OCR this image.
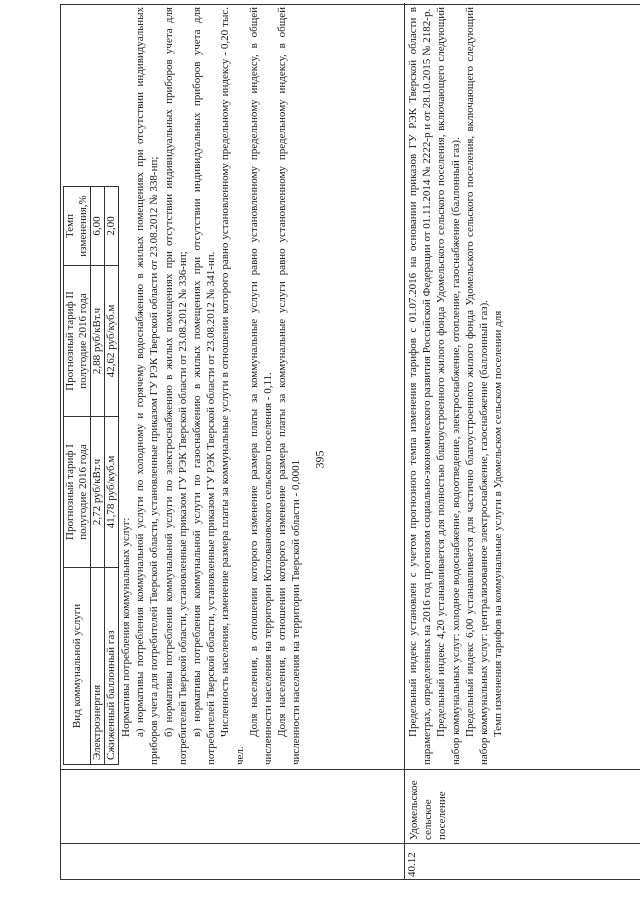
395
Вид коммунальной услуги	Прогнозный тариф I полугодие 2016 года	Прогнозный тариф II полугодие 2016 года	Темп изменения,%
Электроэнергия	2,72 руб/кВт.ч	2,88 руб/кВт.ч	6,00
Сжиженный баллонный газ	41,78 руб/куб.м	42,62 руб/куб.м	2,00

Нормативы потребления коммунальных услуг: а) нормативы потребления коммунальной услуги по холодному и горячему водоснабжению в жилых помещениях при отсутствии индивидуальных приборов учета для потребителей Тверской области, установленные приказом ГУ РЭК Тверской области от 23.08.2012 № 338-нп; б) нормативы потребления коммунальной услуги по электроснабжению в жилых помещениях при отсутствии индивидуальных приборов учета для потребителей Тверской области, установленные приказом ГУ РЭК Тверской области от 23.08.2012 № 336-нп; в) нормативы потребления коммунальной услуги по газоснабжению в жилых помещениях при отсутствии индивидуальных приборов учета для потребителей Тверской области, установленные приказом ГУ РЭК Тверской области от 23.08.2012 № 341-нп. Численность населения, изменение размера платы за коммунальные услуги в отношении которого равно установленному предельному индексу - 0,20 тыс. чел.

Доля населения, в отношении которого изменение размера платы за коммунальные услуги равно установленному предельному индексу, в общей численности населения на территории Котловановского сельского поселения - 0,11. Доля населения, в отношении которого изменение размера платы за коммунальные услуги равно установленному предельному индексу, в общей численности населения на территории Тверской области - 0,0001

40.12
Удомельское сельское поселение

Предельный индекс установлен с учетом прогнозного темпа изменения тарифов с 01.07.2016 на основании приказов ГУ РЭК Тверской области в параметрах, определенных на 2016 год прогнозом социально-экономического развития Российской Федерации от 01.11.2014 № 2222-р и от 28.10.2015 № 2182-р. Предельный индекс 4,20 устанавливается для полностью благоустроенного жилого фонда Удомельского сельского поселения, включающего следующий набор коммунальных услуг: холодное водоснабжение, водоотведение, электроснабжение, отопление, газоснабжение (баллонный газ). Предельный индекс 6,00 устанавливается для частично благоустроенного жилого фонда Удомельского сельского поселения, включающего следующий набор коммунальных услуг: централизованное электроснабжение, газоснабжение (баллонный газ). Темп изменения тарифов на коммунальные услуги в Удомельском сельском поселении для
